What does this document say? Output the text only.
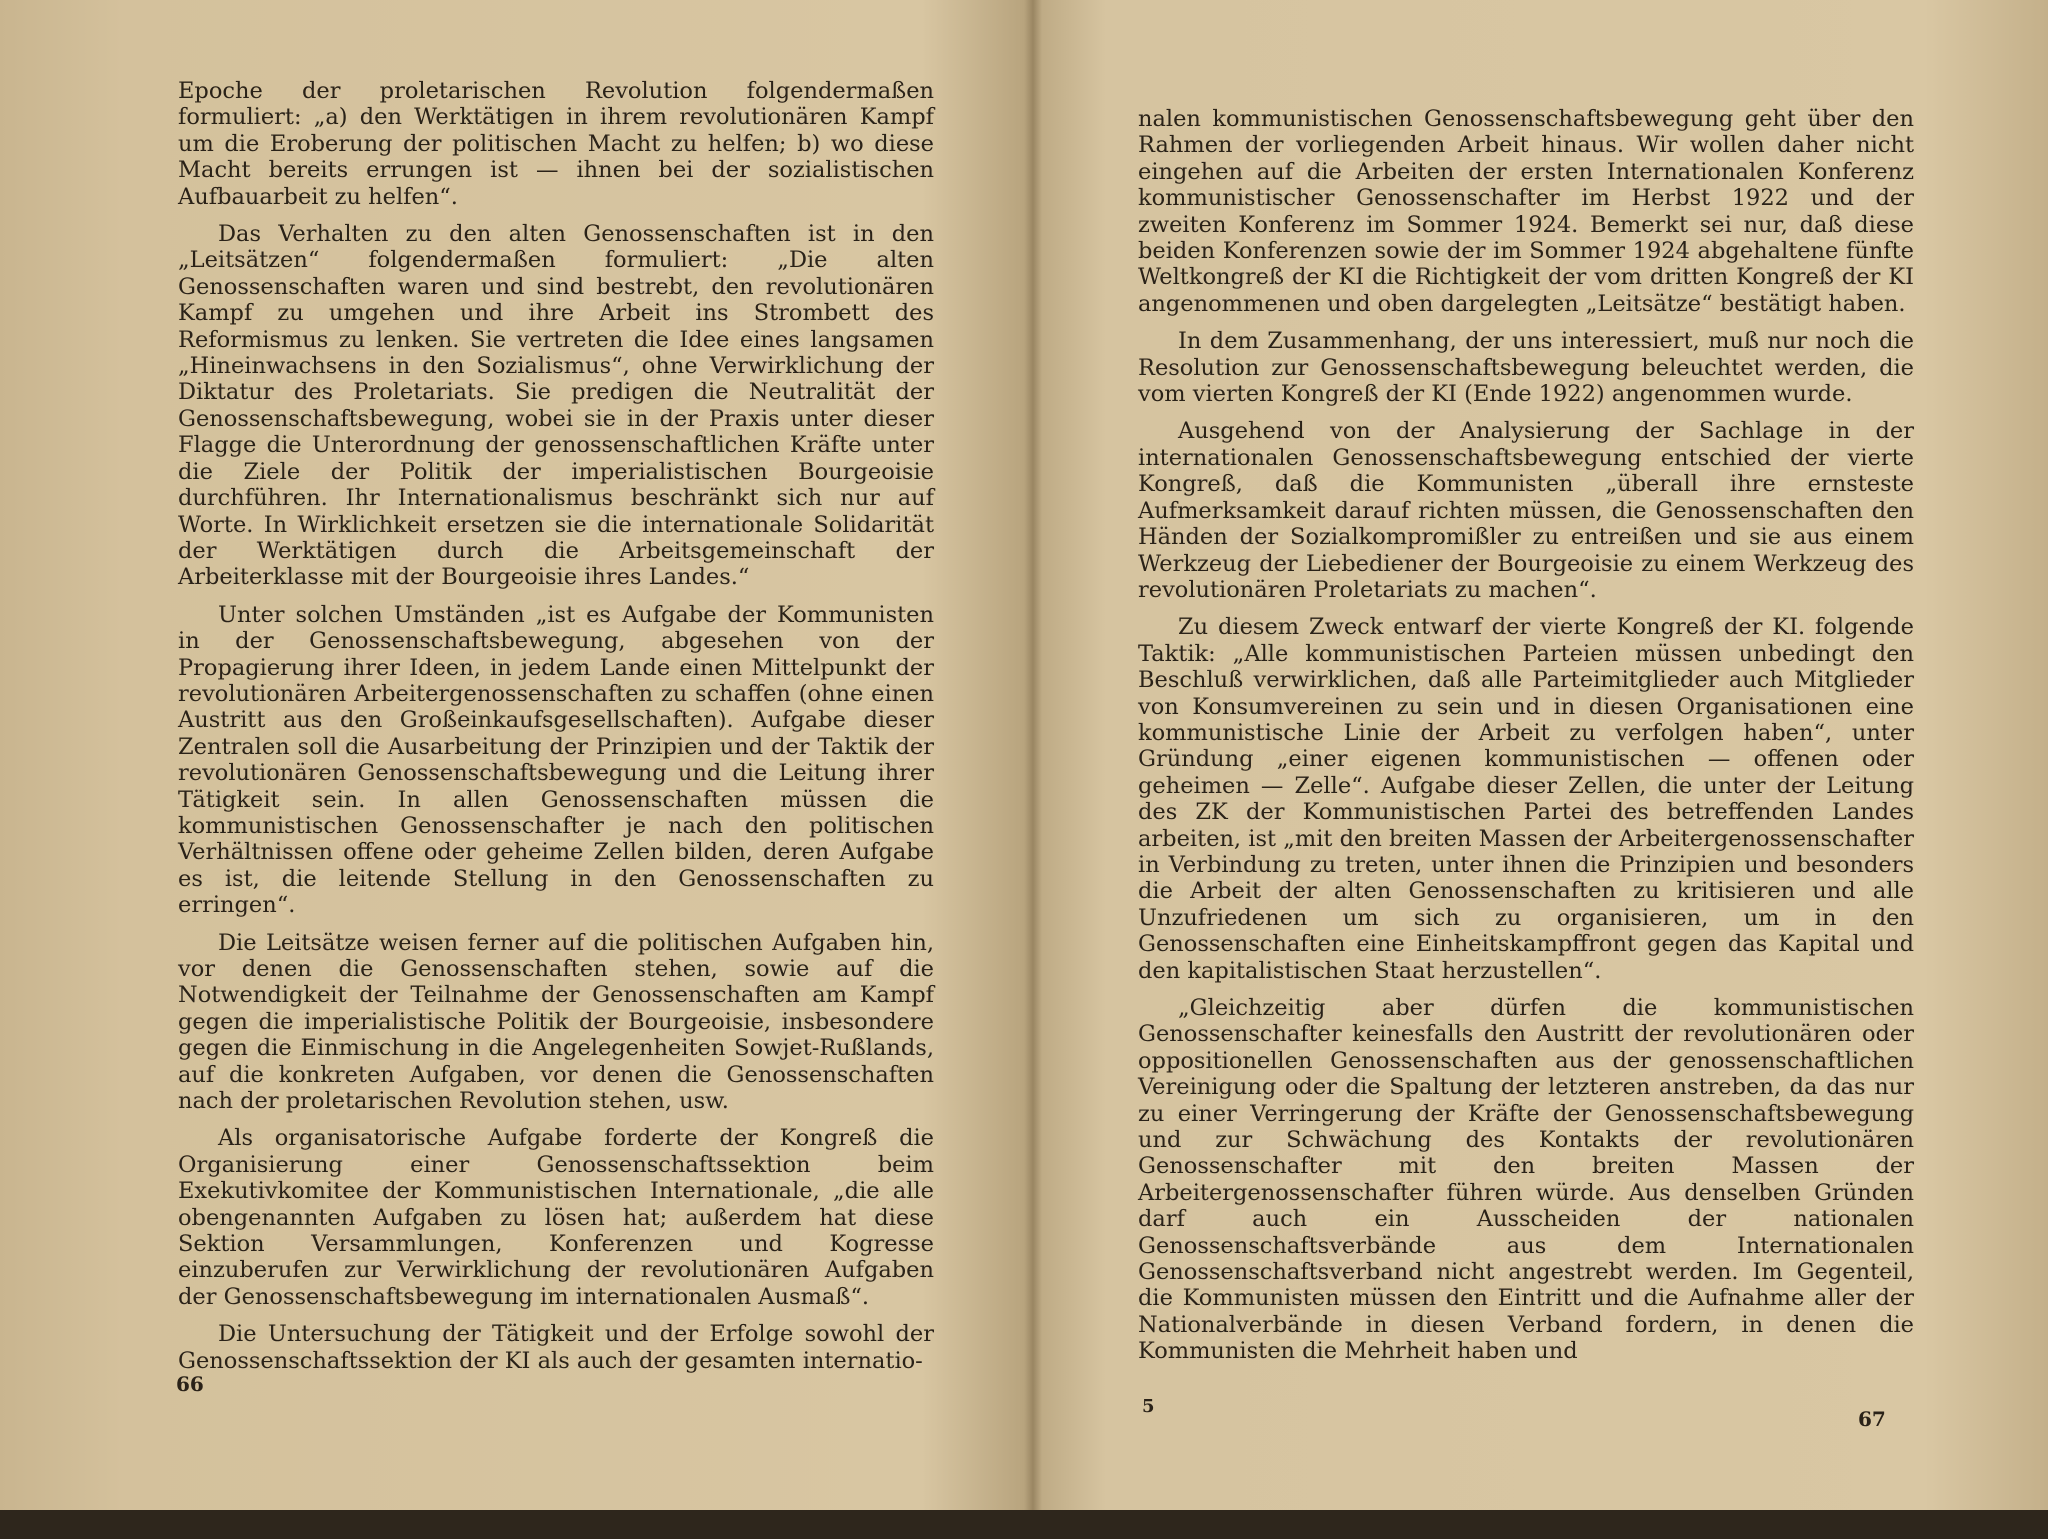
Epoche der proletarischen Revolution folgendermaßen formuliert: „a) den Werktätigen in ihrem revolutionären Kampf um die Eroberung der politischen Macht zu helfen; b) wo diese Macht bereits errungen ist — ihnen bei der sozialistischen Aufbauarbeit zu helfen“.

Das Verhalten zu den alten Genossenschaften ist in den „Leitsätzen“ folgendermaßen formuliert: „Die alten Genossenschaften waren und sind bestrebt, den revolutionären Kampf zu umgehen und ihre Arbeit ins Strombett des Reformismus zu lenken. Sie vertreten die Idee eines langsamen „Hineinwachsens in den Sozialismus“, ohne Verwirklichung der Diktatur des Proletariats. Sie predigen die Neutralität der Genossenschaftsbewegung, wobei sie in der Praxis unter dieser Flagge die Unterordnung der genossenschaftlichen Kräfte unter die Ziele der Politik der imperialistischen Bourgeoisie durchführen. Ihr Internationalismus beschränkt sich nur auf Worte. In Wirklichkeit ersetzen sie die internationale Solidarität der Werktätigen durch die Arbeitsgemeinschaft der Arbeiterklasse mit der Bourgeoisie ihres Landes.“

Unter solchen Umständen „ist es Aufgabe der Kommunisten in der Genossenschaftsbewegung, abgesehen von der Propagierung ihrer Ideen, in jedem Lande einen Mittelpunkt der revolutionären Arbeitergenossenschaften zu schaffen (ohne einen Austritt aus den Großeinkaufsgesellschaften). Aufgabe dieser Zentralen soll die Ausarbeitung der Prinzipien und der Taktik der revolutionären Genossenschaftsbewegung und die Leitung ihrer Tätigkeit sein. In allen Genossenschaften müssen die kommunistischen Genossenschafter je nach den politischen Verhältnissen offene oder geheime Zellen bilden, deren Aufgabe es ist, die leitende Stellung in den Genossenschaften zu erringen“.

Die Leitsätze weisen ferner auf die politischen Aufgaben hin, vor denen die Genossenschaften stehen, sowie auf die Notwendigkeit der Teilnahme der Genossenschaften am Kampf gegen die imperialistische Politik der Bourgeoisie, insbesondere gegen die Einmischung in die Angelegenheiten Sowjet-Rußlands, auf die konkreten Aufgaben, vor denen die Genossenschaften nach der proletarischen Revolution stehen, usw.

Als organisatorische Aufgabe forderte der Kongreß die Organisierung einer Genossenschaftssektion beim Exekutivkomitee der Kommunistischen Internationale, „die alle obengenannten Aufgaben zu lösen hat; außerdem hat diese Sektion Versammlungen, Konferenzen und Kogresse einzuberufen zur Verwirklichung der revolutionären Aufgaben der Genossenschaftsbewegung im internationalen Ausmaß“.

Die Untersuchung der Tätigkeit und der Erfolge sowohl der Genossenschaftssektion der KI als auch der gesamten internatio-

66

nalen kommunistischen Genossenschaftsbewegung geht über den Rahmen der vorliegenden Arbeit hinaus. Wir wollen daher nicht eingehen auf die Arbeiten der ersten Internationalen Konferenz kommunistischer Genossenschafter im Herbst 1922 und der zweiten Konferenz im Sommer 1924. Bemerkt sei nur, daß diese beiden Konferenzen sowie der im Sommer 1924 abgehaltene fünfte Weltkongreß der KI die Richtigkeit der vom dritten Kongreß der KI angenommenen und oben dargelegten „Leitsätze“ bestätigt haben.

In dem Zusammenhang, der uns interessiert, muß nur noch die Resolution zur Genossenschaftsbewegung beleuchtet werden, die vom vierten Kongreß der KI (Ende 1922) angenommen wurde.

Ausgehend von der Analysierung der Sachlage in der internationalen Genossenschaftsbewegung entschied der vierte Kongreß, daß die Kommunisten „überall ihre ernsteste Aufmerksamkeit darauf richten müssen, die Genossenschaften den Händen der Sozialkompromißler zu entreißen und sie aus einem Werkzeug der Liebediener der Bourgeoisie zu einem Werkzeug des revolutionären Proletariats zu machen“.

Zu diesem Zweck entwarf der vierte Kongreß der KI. folgende Taktik: „Alle kommunistischen Parteien müssen unbedingt den Beschluß verwirklichen, daß alle Parteimitglieder auch Mitglieder von Konsumvereinen zu sein und in diesen Organisationen eine kommunistische Linie der Arbeit zu verfolgen haben“, unter Gründung „einer eigenen kommunistischen — offenen oder geheimen — Zelle“. Aufgabe dieser Zellen, die unter der Leitung des ZK der Kommunistischen Partei des betreffenden Landes arbeiten, ist „mit den breiten Massen der Arbeitergenossenschafter in Verbindung zu treten, unter ihnen die Prinzipien und besonders die Arbeit der alten Genossenschaften zu kritisieren und alle Unzufriedenen um sich zu organisieren, um in den Genossenschaften eine Einheitskampffront gegen das Kapital und den kapitalistischen Staat herzustellen“.

„Gleichzeitig aber dürfen die kommunistischen Genossenschafter keinesfalls den Austritt der revolutionären oder oppositionellen Genossenschaften aus der genossenschaftlichen Vereinigung oder die Spaltung der letzteren anstreben, da das nur zu einer Verringerung der Kräfte der Genossenschaftsbewegung und zur Schwächung des Kontakts der revolutionären Genossenschafter mit den breiten Massen der Arbeitergenossenschafter führen würde. Aus denselben Gründen darf auch ein Ausscheiden der nationalen Genossenschaftsverbände aus dem Internationalen Genossenschaftsverband nicht angestrebt werden. Im Gegenteil, die Kommunisten müssen den Eintritt und die Aufnahme aller der Nationalverbände in diesen Verband fordern, in denen die Kommunisten die Mehrheit haben und

5
67
